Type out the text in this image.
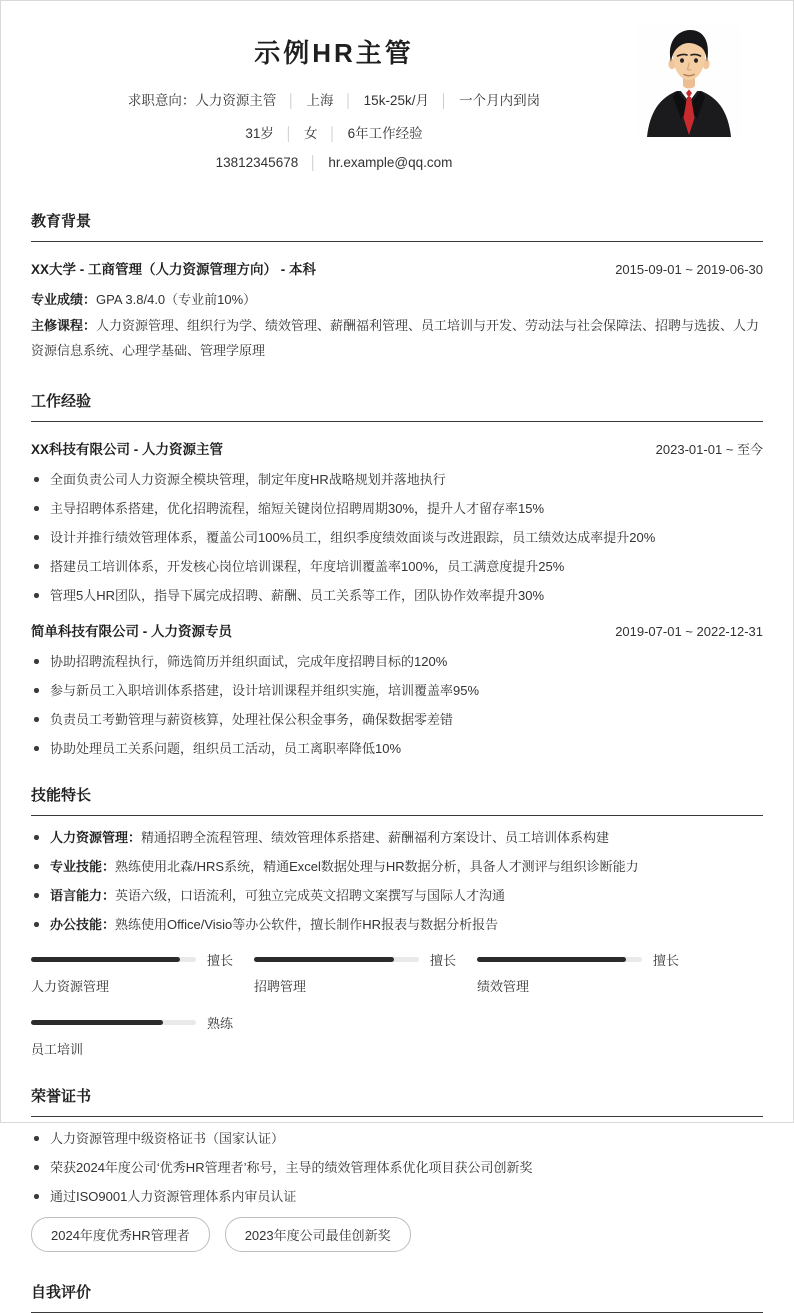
示例HR主管
求职意向：人力资源主管 │ 上海 │ 15k-25k/月 │ 一个月内到岗
31岁 │ 女 │ 6年工作经验
13812345678 │ hr.example@qq.com
教育背景
XX大学 - 工商管理（人力资源管理方向） - 本科	2015-09-01 ~ 2019-06-30
专业成绩：GPA 3.8/4.0（专业前10%）
主修课程：人力资源管理、组织行为学、绩效管理、薪酬福利管理、员工培训与开发、劳动法与社会保障法、招聘与选拔、人力资源信息系统、心理学基础、管理学原理
工作经验
XX科技有限公司 - 人力资源主管	2023-01-01 ~ 至今
全面负责公司人力资源全模块管理，制定年度HR战略规划并落地执行
主导招聘体系搭建，优化招聘流程，缩短关键岗位招聘周期30%，提升人才留存率15%
设计并推行绩效管理体系，覆盖公司100%员工，组织季度绩效面谈与改进跟踪，员工绩效达成率提升20%
搭建员工培训体系，开发核心岗位培训课程，年度培训覆盖率100%，员工满意度提升25%
管理5人HR团队，指导下属完成招聘、薪酬、员工关系等工作，团队协作效率提升30%
简单科技有限公司 - 人力资源专员	2019-07-01 ~ 2022-12-31
协助招聘流程执行，筛选简历并组织面试，完成年度招聘目标的120%
参与新员工入职培训体系搭建，设计培训课程并组织实施，培训覆盖率95%
负责员工考勤管理与薪资核算，处理社保公积金事务，确保数据零差错
协助处理员工关系问题，组织员工活动，员工离职率降低10%
技能特长
人力资源管理：精通招聘全流程管理、绩效管理体系搭建、薪酬福利方案设计、员工培训体系构建
专业技能：熟练使用北森/HRS系统，精通Excel数据处理与HR数据分析，具备人才测评与组织诊断能力
语言能力：英语六级，口语流利，可独立完成英文招聘文案撰写与国际人才沟通
办公技能：熟练使用Office/Visio等办公软件，擅长制作HR报表与数据分析报告
擅长
人力资源管理
擅长
招聘管理
擅长
绩效管理
熟练
员工培训
荣誉证书
人力资源管理中级资格证书（国家认证）
荣获2024年度公司‘优秀HR管理者’称号，主导的绩效管理体系优化项目获公司创新奖
通过ISO9001人力资源管理体系内审员认证
2024年度优秀HR管理者	2023年度公司最佳创新奖
自我评价
